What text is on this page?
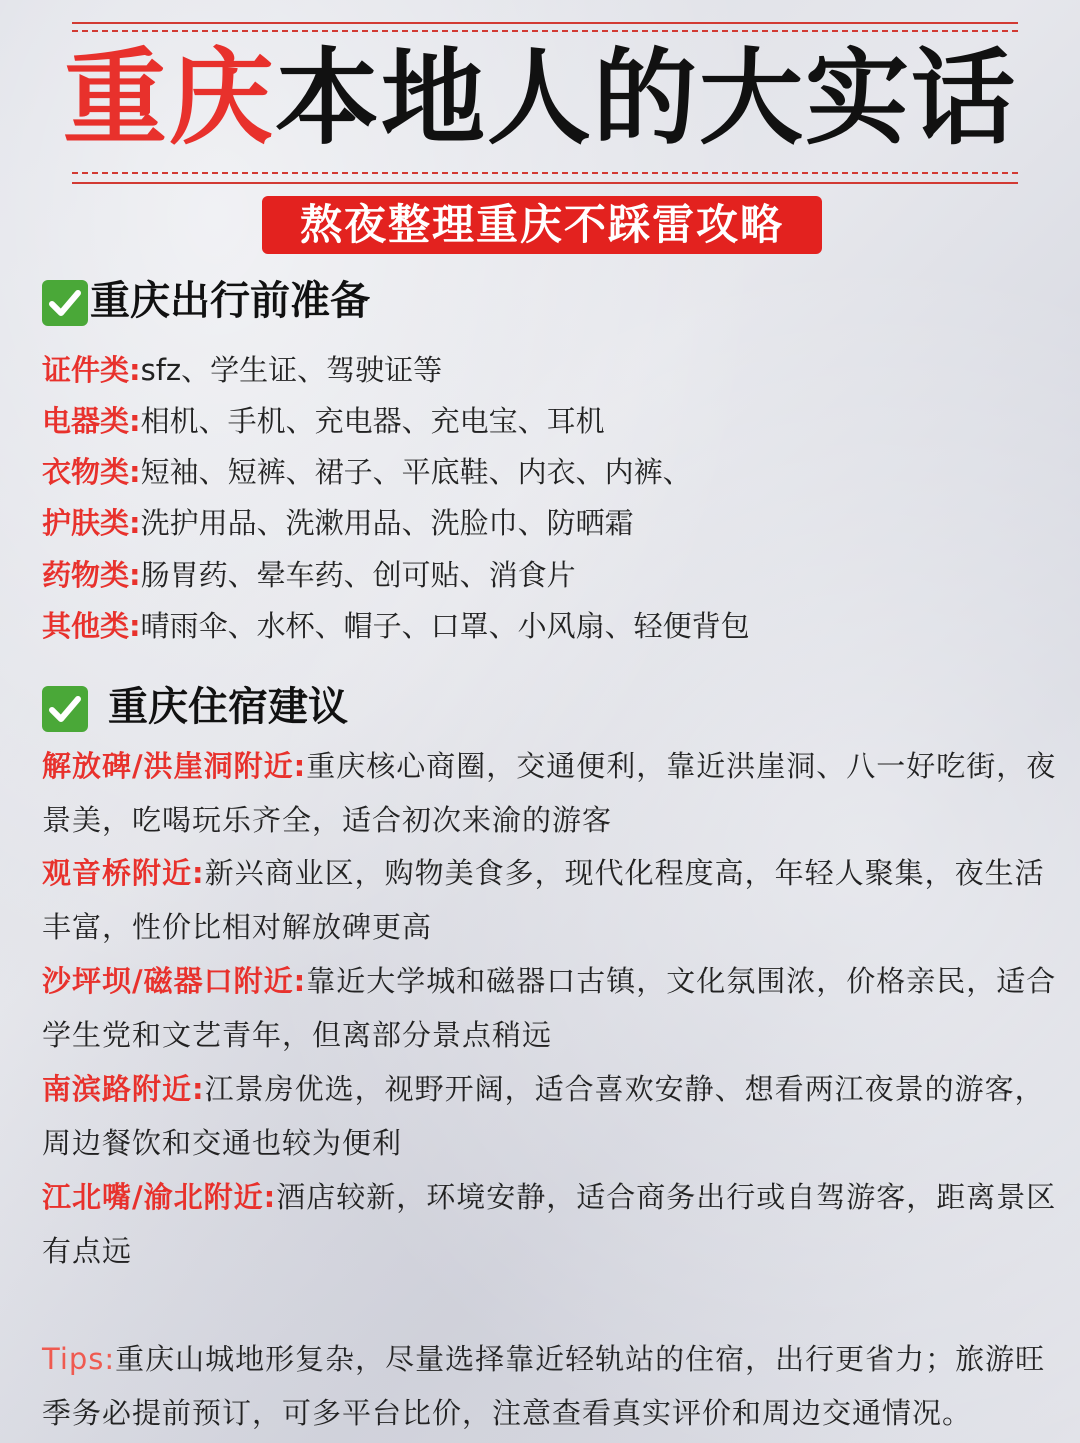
重庆本地人的大实话
熬夜整理重庆不踩雷攻略
重庆出行前准备
证件类:sfz、学生证、驾驶证等
电器类:相机、手机、充电器、充电宝、耳机
衣物类:短袖、短裤、裙子、平底鞋、内衣、内裤、
护肤类:洗护用品、洗漱用品、洗脸巾、防晒霜
药物类:肠胃药、晕车药、创可贴、消食片
其他类:晴雨伞、水杯、帽子、口罩、小风扇、轻便背包
重庆住宿建议
解放碑/洪崖洞附近:重庆核心商圈，交通便利，靠近洪崖洞、八一好吃街，夜景美，吃喝玩乐齐全，适合初次来渝的游客
观音桥附近:新兴商业区，购物美食多，现代化程度高，年轻人聚集，夜生活丰富，性价比相对解放碑更高
沙坪坝/磁器口附近:靠近大学城和磁器口古镇，文化氛围浓，价格亲民，适合学生党和文艺青年，但离部分景点稍远
南滨路附近:江景房优选，视野开阔，适合喜欢安静、想看两江夜景的游客，周边餐饮和交通也较为便利
江北嘴/渝北附近:酒店较新，环境安静，适合商务出行或自驾游客，距离景区有点远
Tips:重庆山城地形复杂，尽量选择靠近轻轨站的住宿，出行更省力；旅游旺季务必提前预订，可多平台比价，注意查看真实评价和周边交通情况。
